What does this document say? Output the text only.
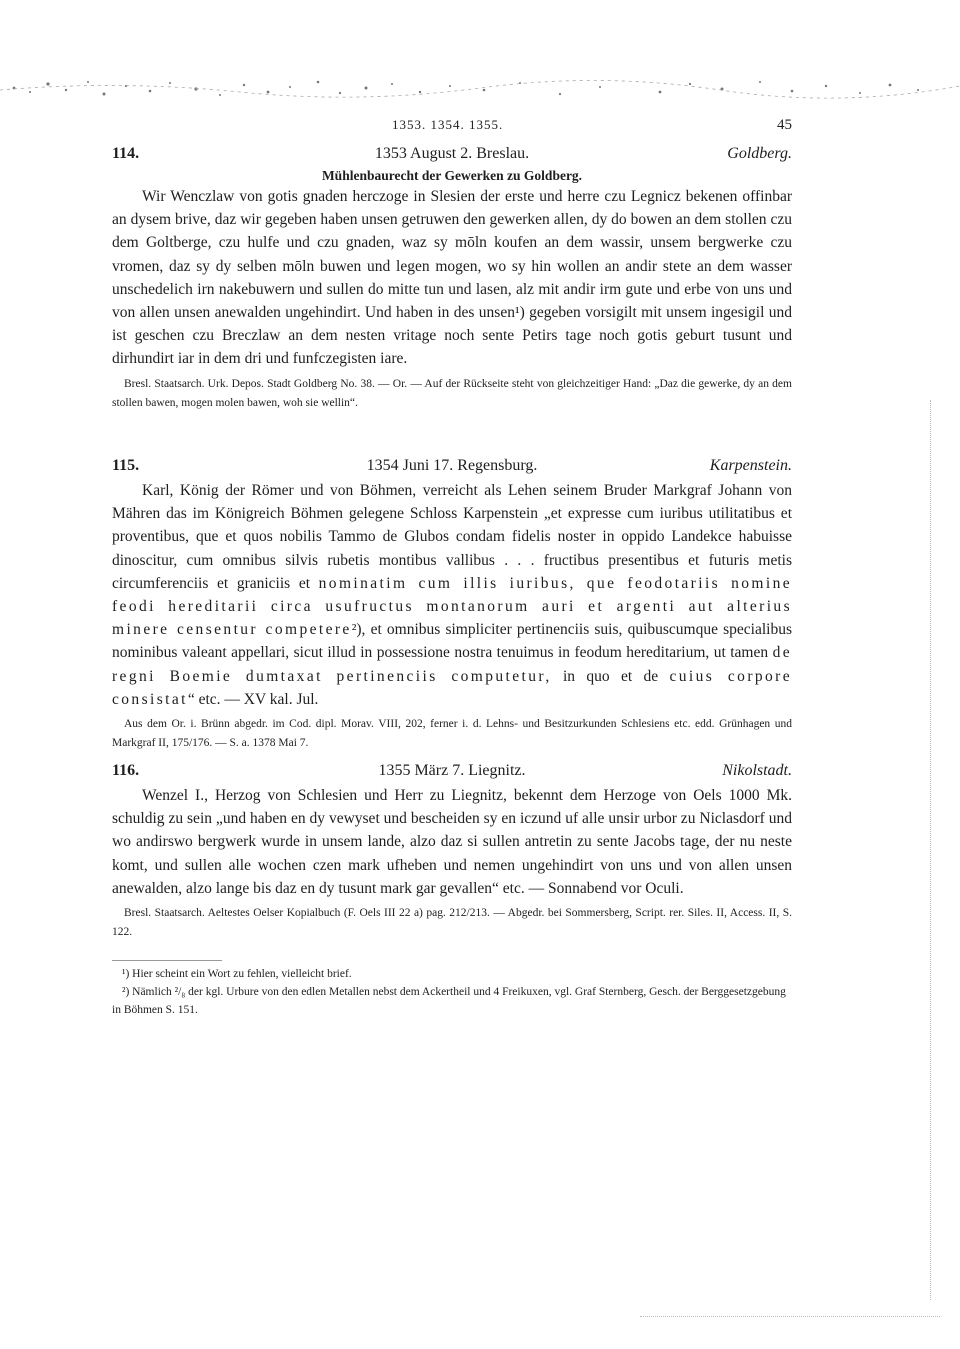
1353. 1354. 1355.	45
114.	1353 August 2. Breslau.	Goldberg.
Mühlenbaurecht der Gewerken zu Goldberg.

Wir Wenczlaw von gotis gnaden herczoge in Slesien der erste und herre czu Legnicz bekenen offinbar an dysem brive, daz wir gegeben haben unsen getruwen den gewerken allen, dy do bowen an dem stollen czu dem Goltberge, czu hulfe und czu gnaden, waz sy mōln koufen an dem wassir, unsem bergwerke czu vromen, daz sy dy selben mōln buwen und legen mogen, wo sy hin wollen an andir stete an dem wasser unschedelich irn nakebuwern und sullen do mitte tun und lasen, alz mit andir irm gute und erbe von uns und von allen unsen anewalden ungehindirt. Und haben in des unsen¹) gegeben vorsigilt mit unsem ingesigil und ist geschen czu Breczlaw an dem nesten vritage noch sente Petirs tage noch gotis geburt tusunt und dirhundirt iar in dem dri und funfczegisten iare.

Bresl. Staatsarch. Urk. Depos. Stadt Goldberg No. 38. — Or. — Auf der Rückseite steht von gleichzeitiger Hand: „Daz die gewerke, dy an dem stollen bawen, mogen molen bawen, woh sie wellin“.

115.	1354 Juni 17. Regensburg.	Karpenstein.

Karl, König der Römer und von Böhmen, verreicht als Lehen seinem Bruder Markgraf Johann von Mähren das im Königreich Böhmen gelegene Schloss Karpenstein „et expresse cum iuribus utilitatibus et proventibus, que et quos nobilis Tammo de Glubos condam fidelis noster in oppido Landekce habuisse dinoscitur, cum omnibus silvis rubetis montibus vallibus . . . fructibus presentibus et futuris metis circumferenciis et graniciis et nominatim cum illis iuribus, que feodotariis nomine feodi hereditarii circa usufructus montanorum auri et argenti aut alterius minere censentur competere²), et omnibus simpliciter pertinenciis suis, quibuscumque specialibus nominibus valeant appellari, sicut illud in possessione nostra tenuimus in feodum hereditarium, ut tamen de regni Boemie dumtaxat pertinenciis computetur, in quo et de cuius corpore consistat“ etc. — XV kal. Jul.

Aus dem Or. i. Brünn abgedr. im Cod. dipl. Morav. VIII, 202, ferner i. d. Lehns- und Besitzurkunden Schlesiens etc. edd. Grünhagen und Markgraf II, 175/176. — S. a. 1378 Mai 7.

116.	1355 März 7. Liegnitz.	Nikolstadt.

Wenzel I., Herzog von Schlesien und Herr zu Liegnitz, bekennt dem Herzoge von Oels 1000 Mk. schuldig zu sein „und haben en dy vewyset und bescheiden sy en iczund uf alle unsir urbor zu Niclasdorf und wo andirswo bergwerk wurde in unsem lande, alzo daz si sullen antretin zu sente Jacobs tage, der nu neste komt, und sullen alle wochen czen mark ufheben und nemen ungehindirt von uns und von allen unsen anewalden, alzo lange bis daz en dy tusunt mark gar gevallen“ etc. — Sonnabend vor Oculi.

Bresl. Staatsarch. Aeltestes Oelser Kopialbuch (F. Oels III 22 a) pag. 212/213. — Abgedr. bei Sommersberg, Script. rer. Siles. II, Access. II, S. 122.

¹) Hier scheint ein Wort zu fehlen, vielleicht brief.

²) Nämlich ²/₈ der kgl. Urbure von den edlen Metallen nebst dem Ackertheil und 4 Freikuxen, vgl. Graf Sternberg, Gesch. der Berggesetzgebung in Böhmen S. 151.
